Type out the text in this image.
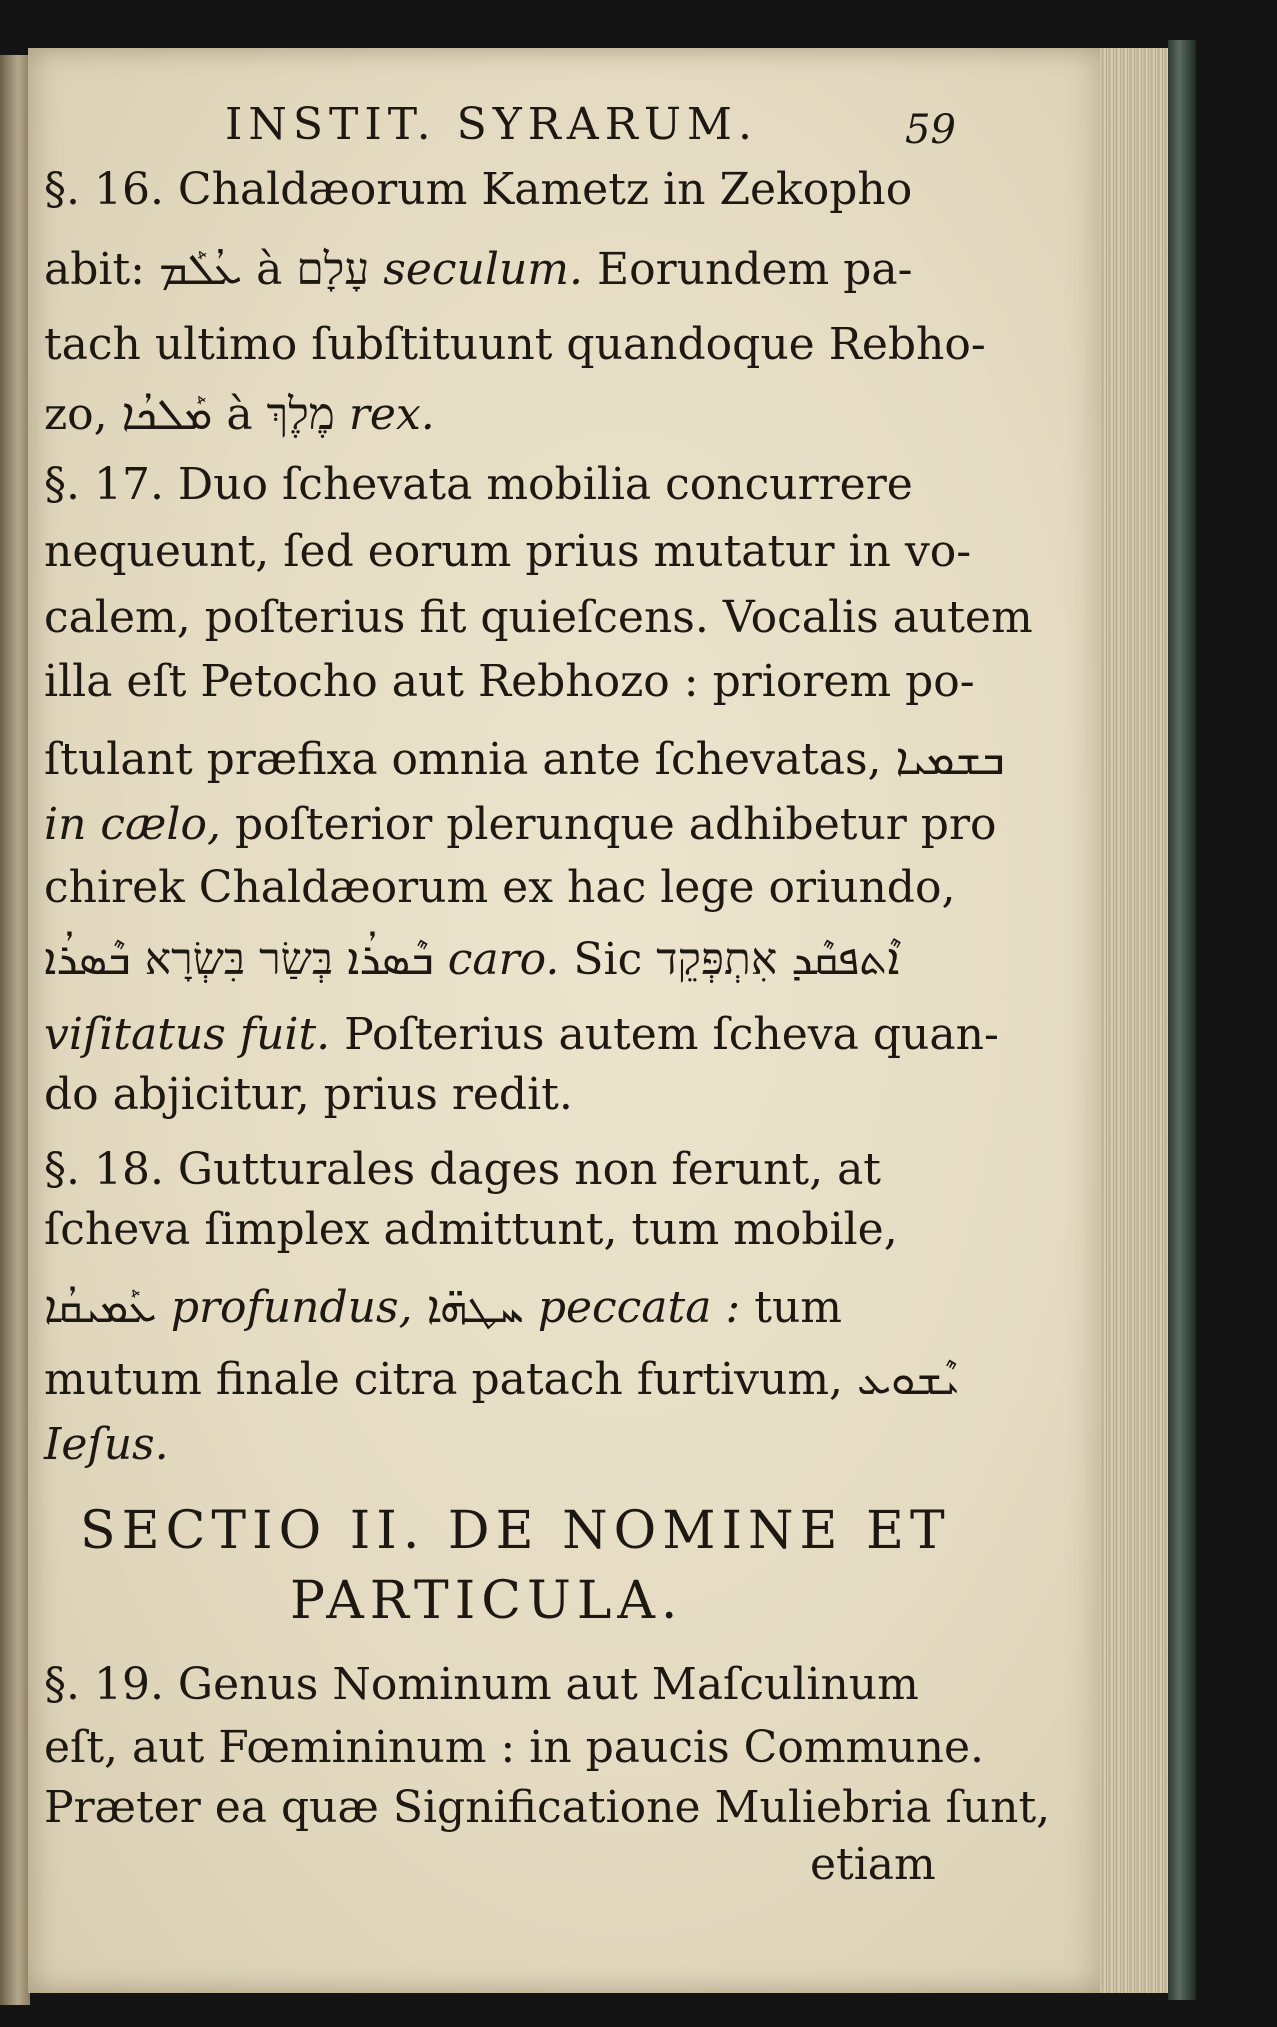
INSTIT. SYRARUM.	59
§. 16. Chaldæorum Kametz in Zekopho
abit: ܥܳܠܰܡ à עָלָם seculum. Eorundem pa-
tach ultimo ſubſtituunt quandoque Rebho-
zo, ܡܰܠܟܳܐ à מֶלֶךְ rex.
§. 17. Duo ſchevata mobilia concurrere
nequeunt, ſed eorum prius mutatur in vo-
calem, poſterius fit quieſcens. Vocalis autem
illa eſt Petocho aut Rebhozo : priorem po-
ſtulant præfixa omnia ante ſchevatas, ܒܫܡܝܐ
in cælo, poſterior plerunque adhibetur pro
chirek Chaldæorum ex hac lege oriundo,
ܒܶܣܪܳܐ בְּשַׂר בִּשְׂרָא ܒܶܣܪܳܐ caro. Sic ܐܶܬܦܩܶܕ אִתְפְּקֵד
viſitatus fuit. Poſterius autem ſcheva quan-
do abjicitur, prius redit.
§. 18. Gutturales dages non ferunt, at
ſcheva ſimplex admittunt, tum mobile,
ܥܰܡܝܩܳܐ profundus, ܚܛܗ̈ܐ peccata : tum
mutum finale citra patach furtivum, ܝܶܫܘܥ
Ieſus.
SECTIO II. DE NOMINE ET
PARTICULA.
§. 19. Genus Nominum aut Maſculinum
eſt, aut Fœmininum : in paucis Commune.
Præter ea quæ Significatione Muliebria ſunt,
etiam
